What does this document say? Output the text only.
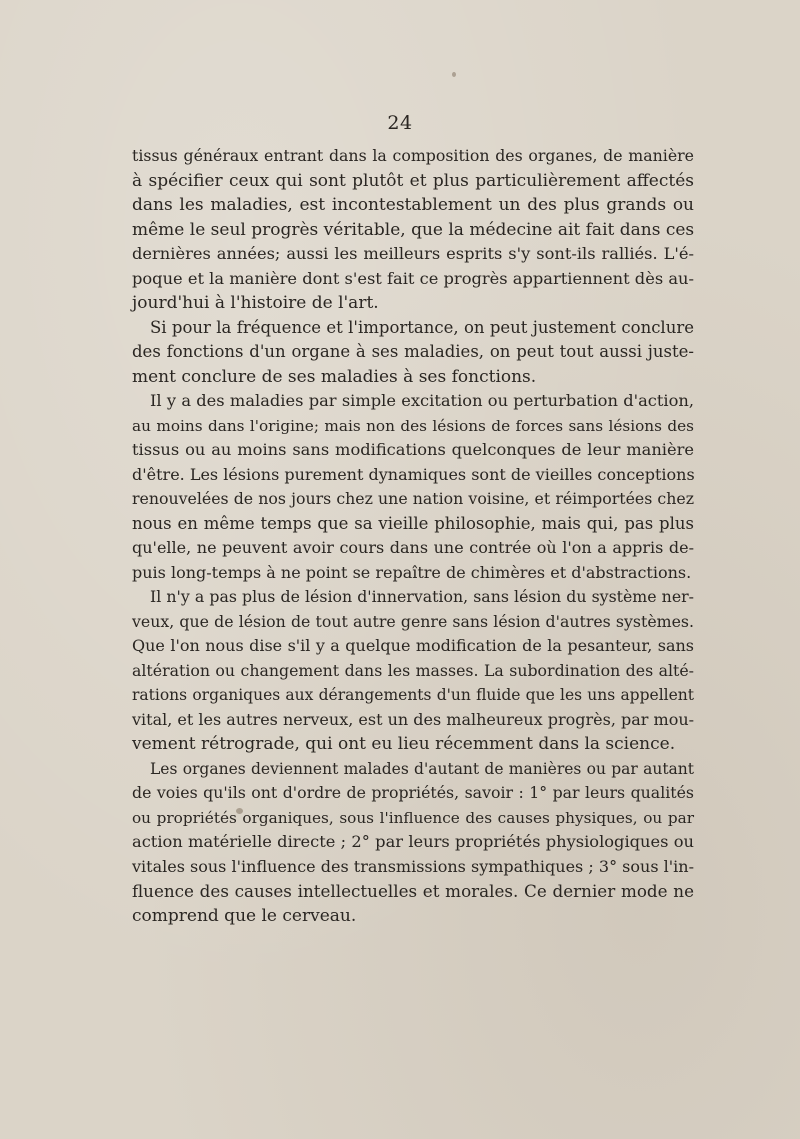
24
tissus généraux entrant dans la composition des organes, de manière
à spécifier ceux qui sont plutôt et plus particulièrement affectés
dans les maladies, est incontestablement un des plus grands ou
même le seul progrès véritable, que la médecine ait fait dans ces
dernières années; aussi les meilleurs esprits s'y sont-ils ralliés. L'é-
poque et la manière dont s'est fait ce progrès appartiennent dès au-
jourd'hui à l'histoire de l'art.
Si pour la fréquence et l'importance, on peut justement conclure
des fonctions d'un organe à ses maladies, on peut tout aussi juste-
ment conclure de ses maladies à ses fonctions.
Il y a des maladies par simple excitation ou perturbation d'action,
au moins dans l'origine; mais non des lésions de forces sans lésions des
tissus ou au moins sans modifications quelconques de leur manière
d'être. Les lésions purement dynamiques sont de vieilles conceptions
renouvelées de nos jours chez une nation voisine, et réimportées chez
nous en même temps que sa vieille philosophie, mais qui, pas plus
qu'elle, ne peuvent avoir cours dans une contrée où l'on a appris de-
puis long-temps à ne point se repaître de chimères et d'abstractions.
Il n'y a pas plus de lésion d'innervation, sans lésion du système ner-
veux, que de lésion de tout autre genre sans lésion d'autres systèmes.
Que l'on nous dise s'il y a quelque modification de la pesanteur, sans
altération ou changement dans les masses. La subordination des alté-
rations organiques aux dérangements d'un fluide que les uns appellent
vital, et les autres nerveux, est un des malheureux progrès, par mou-
vement rétrograde, qui ont eu lieu récemment dans la science.
Les organes deviennent malades d'autant de manières ou par autant
de voies qu'ils ont d'ordre de propriétés, savoir : 1° par leurs qualités
ou propriétés organiques, sous l'influence des causes physiques, ou par
action matérielle directe ; 2° par leurs propriétés physiologiques ou
vitales sous l'influence des transmissions sympathiques ; 3° sous l'in-
fluence des causes intellectuelles et morales. Ce dernier mode ne
comprend que le cerveau.
